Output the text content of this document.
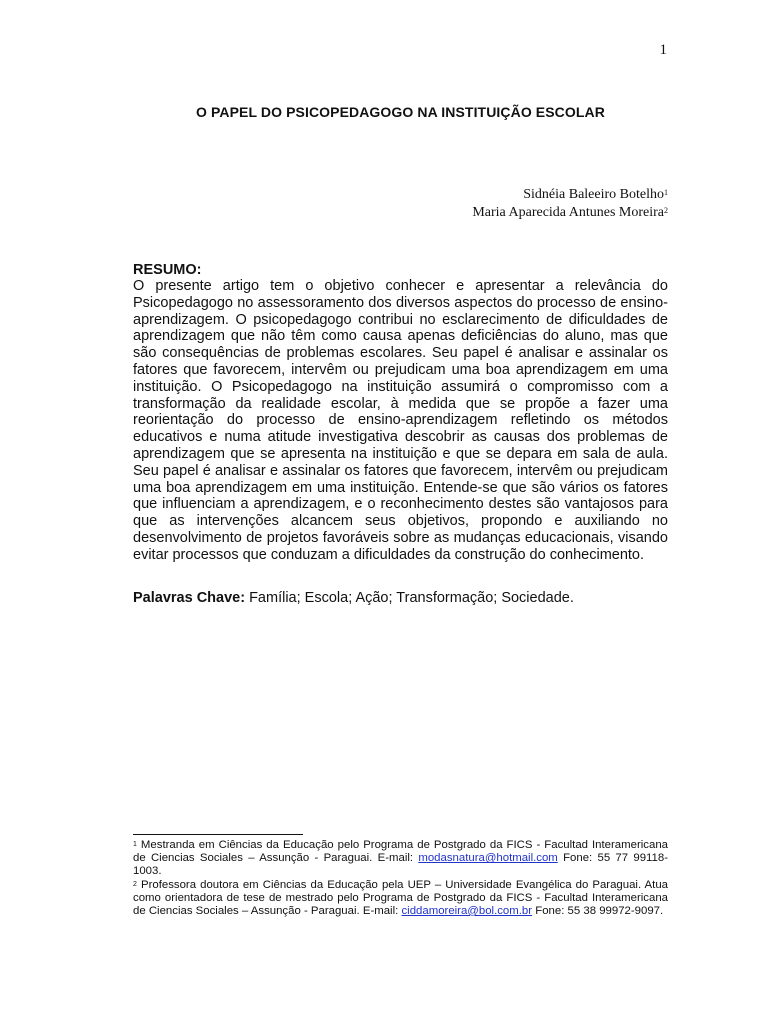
1
O PAPEL DO PSICOPEDAGOGO NA INSTITUIÇÃO ESCOLAR
Sidnéia Baleeiro Botelho$^1$
Maria Aparecida Antunes Moreira$^2$
RESUMO:

O presente artigo tem o objetivo conhecer e apresentar a relevância do Psicopedagogo no assessoramento dos diversos aspectos do processo de ensino-aprendizagem. O psicopedagogo contribui no esclarecimento de dificuldades de aprendizagem que não têm como causa apenas deficiências do aluno, mas que são consequências de problemas escolares. Seu papel é analisar e assinalar os fatores que favorecem, intervêm ou prejudicam uma boa aprendizagem em uma instituição. O Psicopedagogo na instituição assumirá o compromisso com a transformação da realidade escolar, à medida que se propõe a fazer uma reorientação do processo de ensino-aprendizagem refletindo os métodos educativos e numa atitude investigativa descobrir as causas dos problemas de aprendizagem que se apresenta na instituição e que se depara em sala de aula. Seu papel é analisar e assinalar os fatores que favorecem, intervêm ou prejudicam uma boa aprendizagem em uma instituição. Entende-se que são vários os fatores que influenciam a aprendizagem, e o reconhecimento destes são vantajosos para que as intervenções alcancem seus objetivos, propondo e auxiliando no desenvolvimento de projetos favoráveis sobre as mudanças educacionais, visando evitar processos que conduzam a dificuldades da construção do conhecimento.

Palavras Chave: Família; Escola; Ação; Transformação; Sociedade.

$^1$ Mestranda em Ciências da Educação pelo Programa de Postgrado da FICS - Facultad Interamericana de Ciencias Sociales – Assunção - Paraguai. E-mail: modasnatura@hotmail.com Fone: 55 77 99118-1003.

$^2$ Professora doutora em Ciências da Educação pela UEP – Universidade Evangélica do Paraguai. Atua como orientadora de tese de mestrado pelo Programa de Postgrado da FICS - Facultad Interamericana de Ciencias Sociales – Assunção - Paraguai. E-mail: ciddamoreira@bol.com.br Fone: 55 38 99972-9097.
